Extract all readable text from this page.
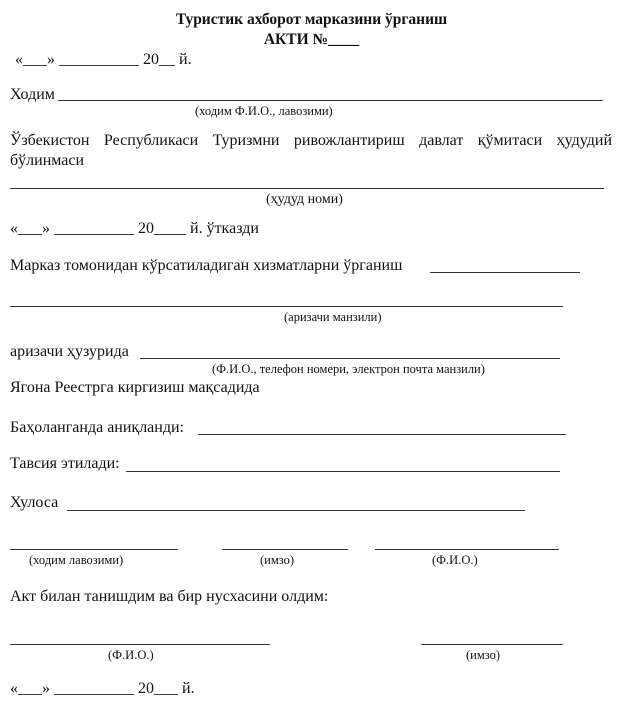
Туристик ахборот марказини ўрганиш
АКТИ №____
«___» __________ 20__ й.
Ходим
(ходим Ф.И.О., лавозими)
Ўзбекистон Республикаси Туризмни ривожлантириш давлат қўмитаси ҳудудий
бўлинмаси
(ҳудуд номи)
«___» __________ 20____ й. ўтказди
Марказ томонидан кўрсатиладиган хизматларни ўрганиш
(аризачи манзили)
аризачи ҳузурида
(Ф.И.О., телефон номери, электрон почта манзили)
Ягона Реестрга киргизиш мақсадида
Баҳоланганда аниқланди:
Тавсия этилади:
Хулоса
(ходим лавозими)	(имзо)	(Ф.И.О.)
Акт билан танишдим ва бир нусхасини олдим:
(Ф.И.О.)	(имзо)
«___» __________ 20___ й.
